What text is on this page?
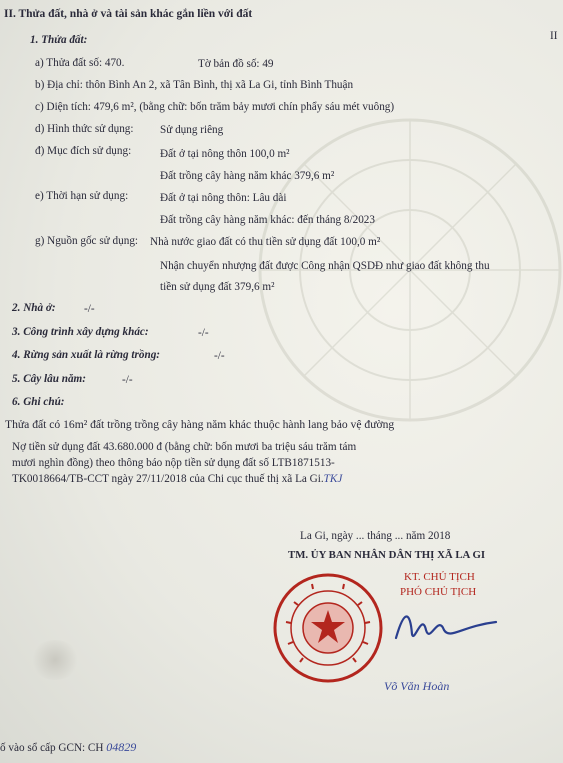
II. Thửa đất, nhà ở và tài sản khác gắn liền với đất
II
1. Thửa đất:
a) Thửa đất số: 470.	Tờ bản đồ số: 49
b) Địa chỉ: thôn Bình An 2, xã Tân Bình, thị xã La Gi, tỉnh Bình Thuận
c) Diện tích: 479,6 m², (bằng chữ: bốn trăm bảy mươi chín phẩy sáu mét vuông)
d) Hình thức sử dụng: Sử dụng riêng
đ) Mục đích sử dụng:	Đất ở tại nông thôn 100,0 m²
Đất trồng cây hàng năm khác 379,6 m²
e) Thời hạn sử dụng:	Đất ở tại nông thôn: Lâu dài
Đất trồng cây hàng năm khác: đến tháng 8/2023
g) Nguồn gốc sử dụng: Nhà nước giao đất có thu tiền sử dụng đất 100,0 m²
Nhận chuyển nhượng đất được Công nhận QSDĐ như giao đất không thu
tiền sử dụng đất 379,6 m²
2. Nhà ở:	-/-
3. Công trình xây dựng khác:	-/-
4. Rừng sản xuất là rừng trồng:	-/-
5. Cây lâu năm:	-/-
6. Ghi chú:
Thửa đất có 16m² đất trồng trồng cây hàng năm khác thuộc hành lang bảo vệ đường
Nợ tiền sử dụng đất 43.680.000 đ (bằng chữ: bốn mươi ba triệu sáu trăm tám
mươi nghìn đồng) theo thông báo nộp tiền sử dụng đất số LTB1871513-
TK0018664/TB-CCT ngày 27/11/2018 của Chi cục thuế thị xã La Gi.TKJ
La Gi, ngày ... tháng ... năm 2018
TM. ỦY BAN NHÂN DÂN THỊ XÃ LA GI
KT. CHỦ TỊCH
PHÓ CHỦ TỊCH
Võ Văn Hoàn
ố vào sổ cấp GCN: CH 04829
